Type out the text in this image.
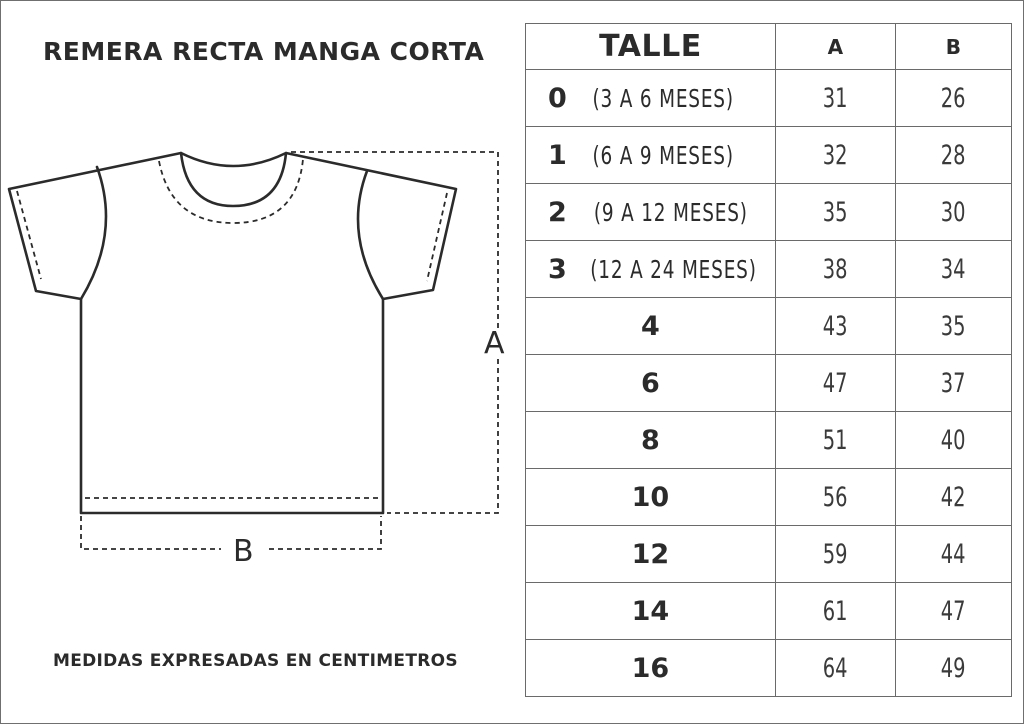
REMERA RECTA MANGA CORTA
A
B
MEDIDAS EXPRESADAS EN CENTIMETROS
TALLE	A	B
0 (3 A 6 MESES)	31	26
1 (6 A 9 MESES)	32	28
2 (9 A 12 MESES)	35	30
3 (12 A 24 MESES)	38	34
4	43	35
6	47	37
8	51	40
10	56	42
12	59	44
14	61	47
16	64	49
